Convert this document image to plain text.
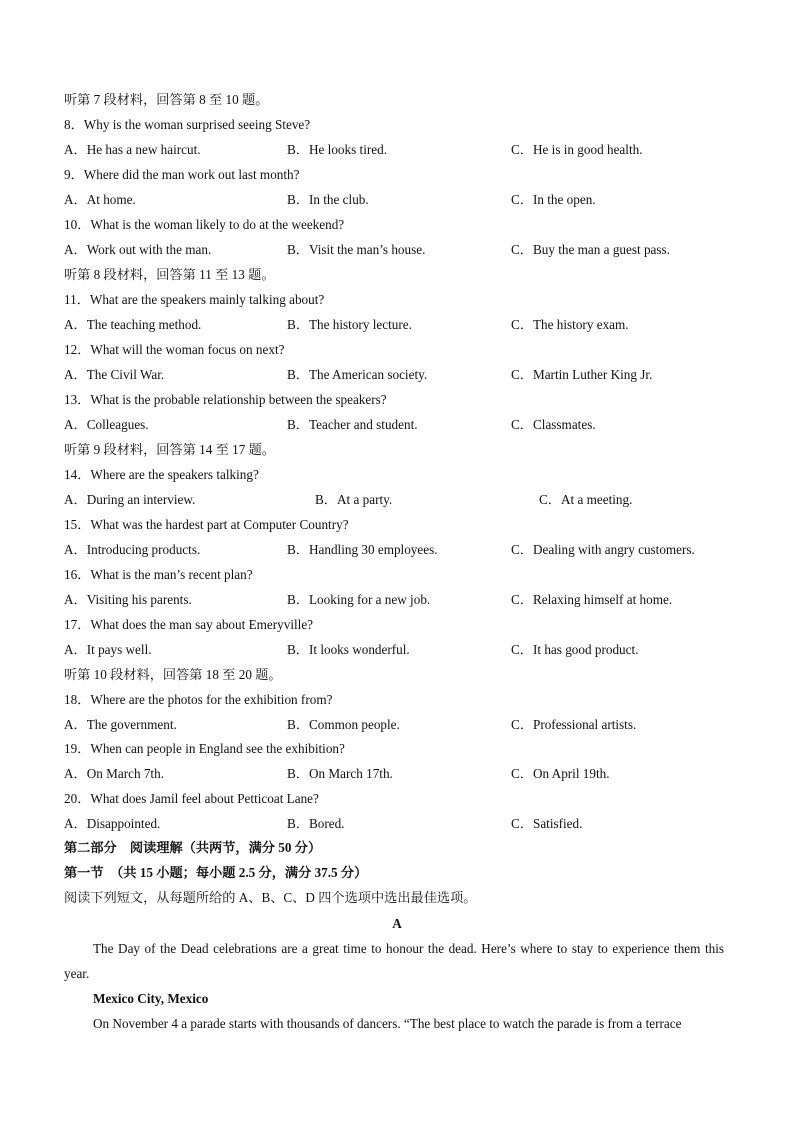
听第 7 段材料，回答第 8 至 10 题。
8．Why is the woman surprised seeing Steve?
A．He has a new haircut.	B．He looks tired.	C．He is in good health.
9．Where did the man work out last month?
A．At home.	B．In the club.	C．In the open.
10．What is the woman likely to do at the weekend?
A．Work out with the man.	B．Visit the man’s house.	C．Buy the man a guest pass.
听第 8 段材料，回答第 11 至 13 题。
11．What are the speakers mainly talking about?
A．The teaching method.	B．The history lecture.	C．The history exam.
12．What will the woman focus on next?
A．The Civil War.	B．The American society.	C．Martin Luther King Jr.
13．What is the probable relationship between the speakers?
A．Colleagues.	B．Teacher and student.	C．Classmates.
听第 9 段材料，回答第 14 至 17 题。
14．Where are the speakers talking?
A．During an interview.	B．At a party.	C．At a meeting.
15．What was the hardest part at Computer Country?
A．Introducing products.	B．Handling 30 employees.	C．Dealing with angry customers.
16．What is the man’s recent plan?
A．Visiting his parents.	B．Looking for a new job.	C．Relaxing himself at home.
17．What does the man say about Emeryville?
A．It pays well.	B．It looks wonderful.	C．It has good product.
听第 10 段材料，回答第 18 至 20 题。
18．Where are the photos for the exhibition from?
A．The government.	B．Common people.	C．Professional artists.
19．When can people in England see the exhibition?
A．On March 7th.	B．On March 17th.	C．On April 19th.
20．What does Jamil feel about Petticoat Lane?
A．Disappointed.	B．Bored.	C．Satisfied.
第二部分　阅读理解（共两节，满分 50 分）
第一节　（共 15 小题；每小题 2.5 分，满分 37.5 分）
阅读下列短文，从每题所给的 A、B、C、D 四个选项中选出最佳选项。
A
The Day of the Dead celebrations are a great time to honour the dead. Here’s where to stay to experience them this year.
Mexico City, Mexico
On November 4 a parade starts with thousands of dancers. “The best place to watch the parade is from a terrace
